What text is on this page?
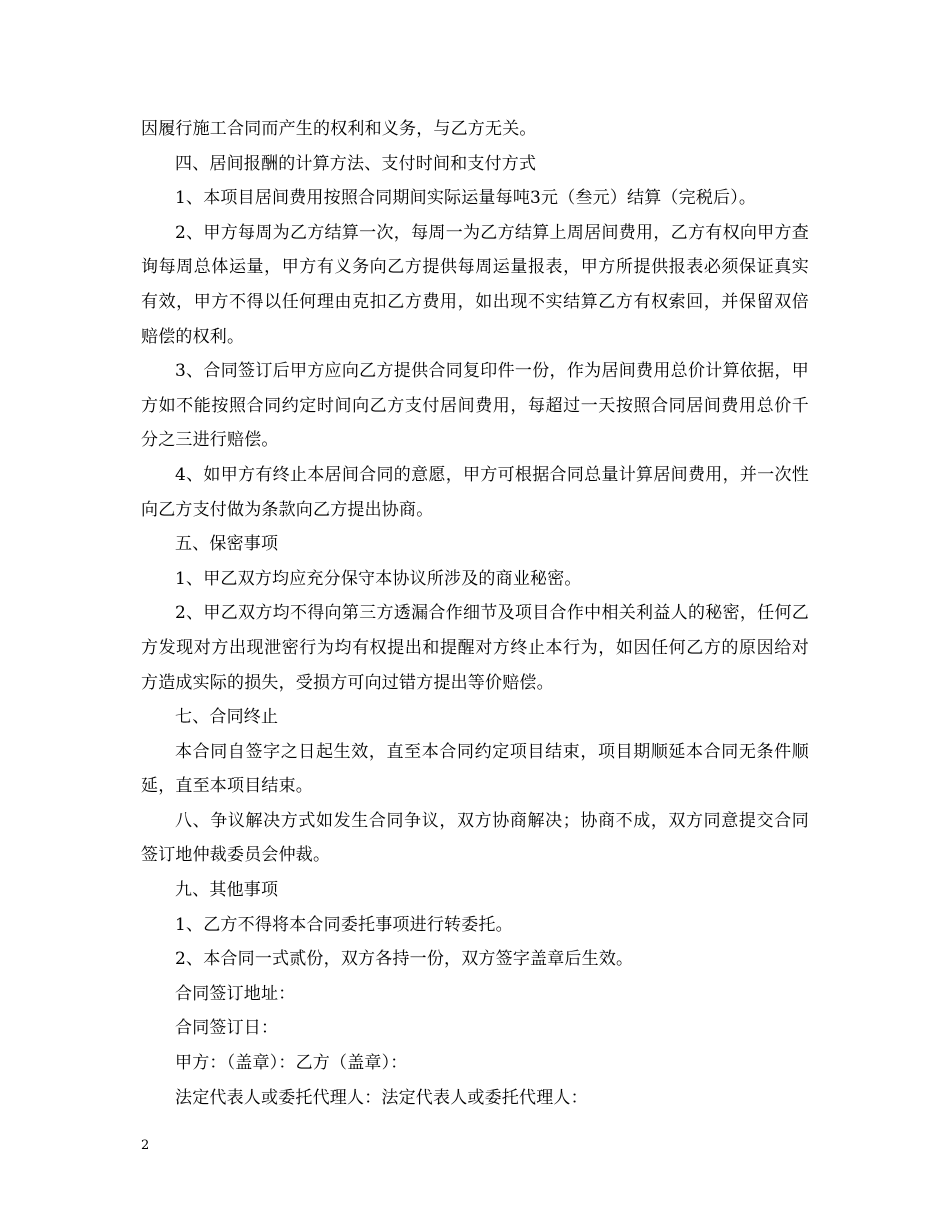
因履行施工合同而产生的权利和义务，与乙方无关。

四、居间报酬的计算方法、支付时间和支付方式

1、本项目居间费用按照合同期间实际运量每吨3元（叁元）结算（完税后）。

2、甲方每周为乙方结算一次，每周一为乙方结算上周居间费用，乙方有权向甲方查询每周总体运量，甲方有义务向乙方提供每周运量报表，甲方所提供报表必须保证真实有效，甲方不得以任何理由克扣乙方费用，如出现不实结算乙方有权索回，并保留双倍赔偿的权利。

3、合同签订后甲方应向乙方提供合同复印件一份，作为居间费用总价计算依据，甲方如不能按照合同约定时间向乙方支付居间费用，每超过一天按照合同居间费用总价千分之三进行赔偿。

4、如甲方有终止本居间合同的意愿，甲方可根据合同总量计算居间费用，并一次性向乙方支付做为条款向乙方提出协商。

五、保密事项

1、甲乙双方均应充分保守本协议所涉及的商业秘密。

2、甲乙双方均不得向第三方透漏合作细节及项目合作中相关利益人的秘密，任何乙方发现对方出现泄密行为均有权提出和提醒对方终止本行为，如因任何乙方的原因给对方造成实际的损失，受损方可向过错方提出等价赔偿。

七、合同终止

本合同自签字之日起生效，直至本合同约定项目结束，项目期顺延本合同无条件顺延，直至本项目结束。

八、争议解决方式如发生合同争议，双方协商解决；协商不成，双方同意提交合同签订地仲裁委员会仲裁。

九、其他事项

1、乙方不得将本合同委托事项进行转委托。

2、本合同一式贰份，双方各持一份，双方签字盖章后生效。

合同签订地址：

合同签订日：

甲方：（盖章）：乙方（盖章）：

法定代表人或委托代理人：法定代表人或委托代理人：

2
